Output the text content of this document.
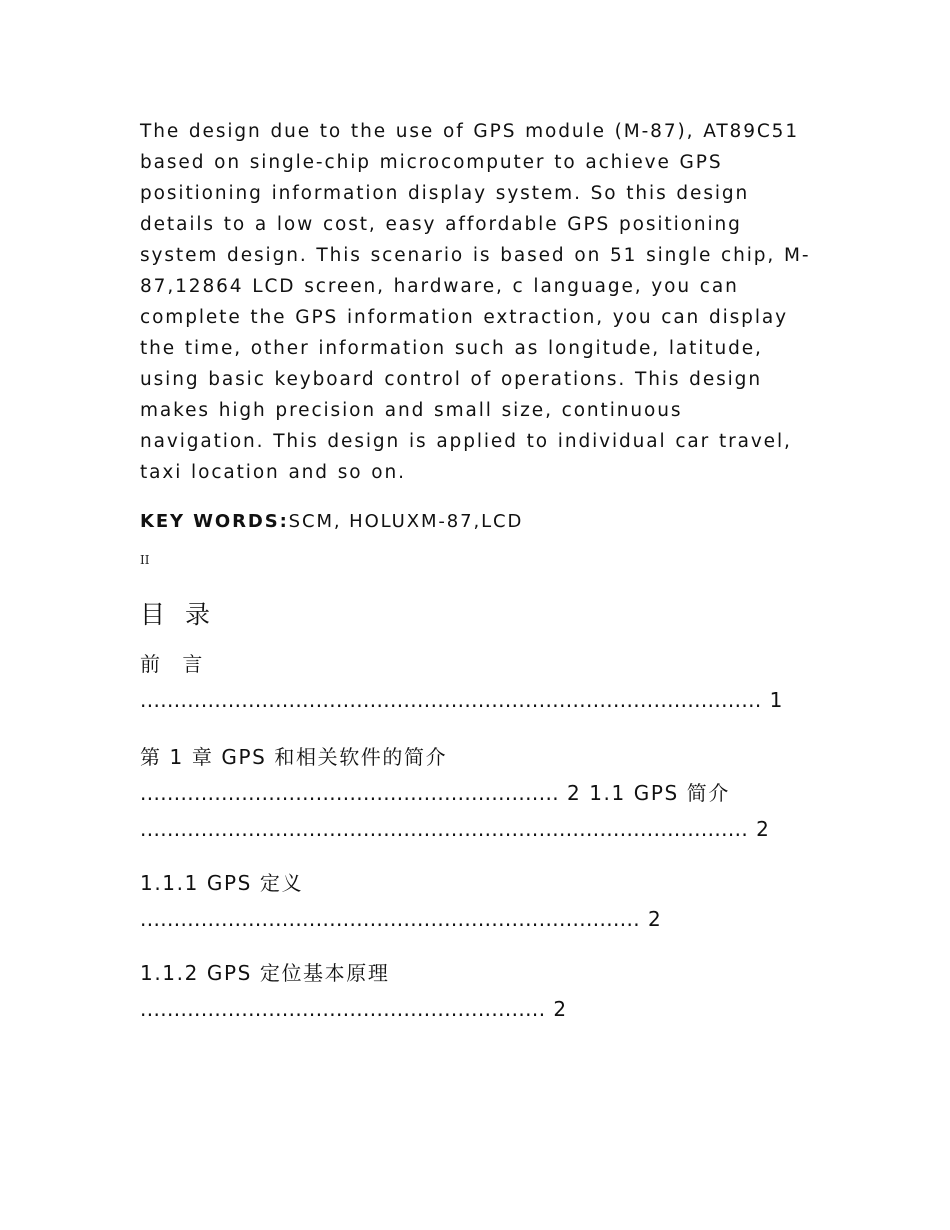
The design due to the use of GPS module (M-87), AT89C51 based on single-chip microcomputer to achieve GPS positioning information display system. So this design details to a low cost, easy affordable GPS positioning system design. This scenario is based on 51 single chip, M-87,12864 LCD screen, hardware, c language, you can complete the GPS information extraction, you can display the time, other information such as longitude, latitude, using basic keyboard control of operations. This design makes high precision and small size, continuous navigation. This design is applied to individual car travel, taxi location and so on.

KEY WORDS:SCM, HOLUXM-87,LCD

II
目 录
前 言
............................................................................................ 1
第 1 章 GPS 和相关软件的简介
.............................................................. 2 1.1 GPS 简介
.......................................................................................... 2
1.1.1 GPS 定义
.......................................................................... 2
1.1.2 GPS 定位基本原理
............................................................ 2
